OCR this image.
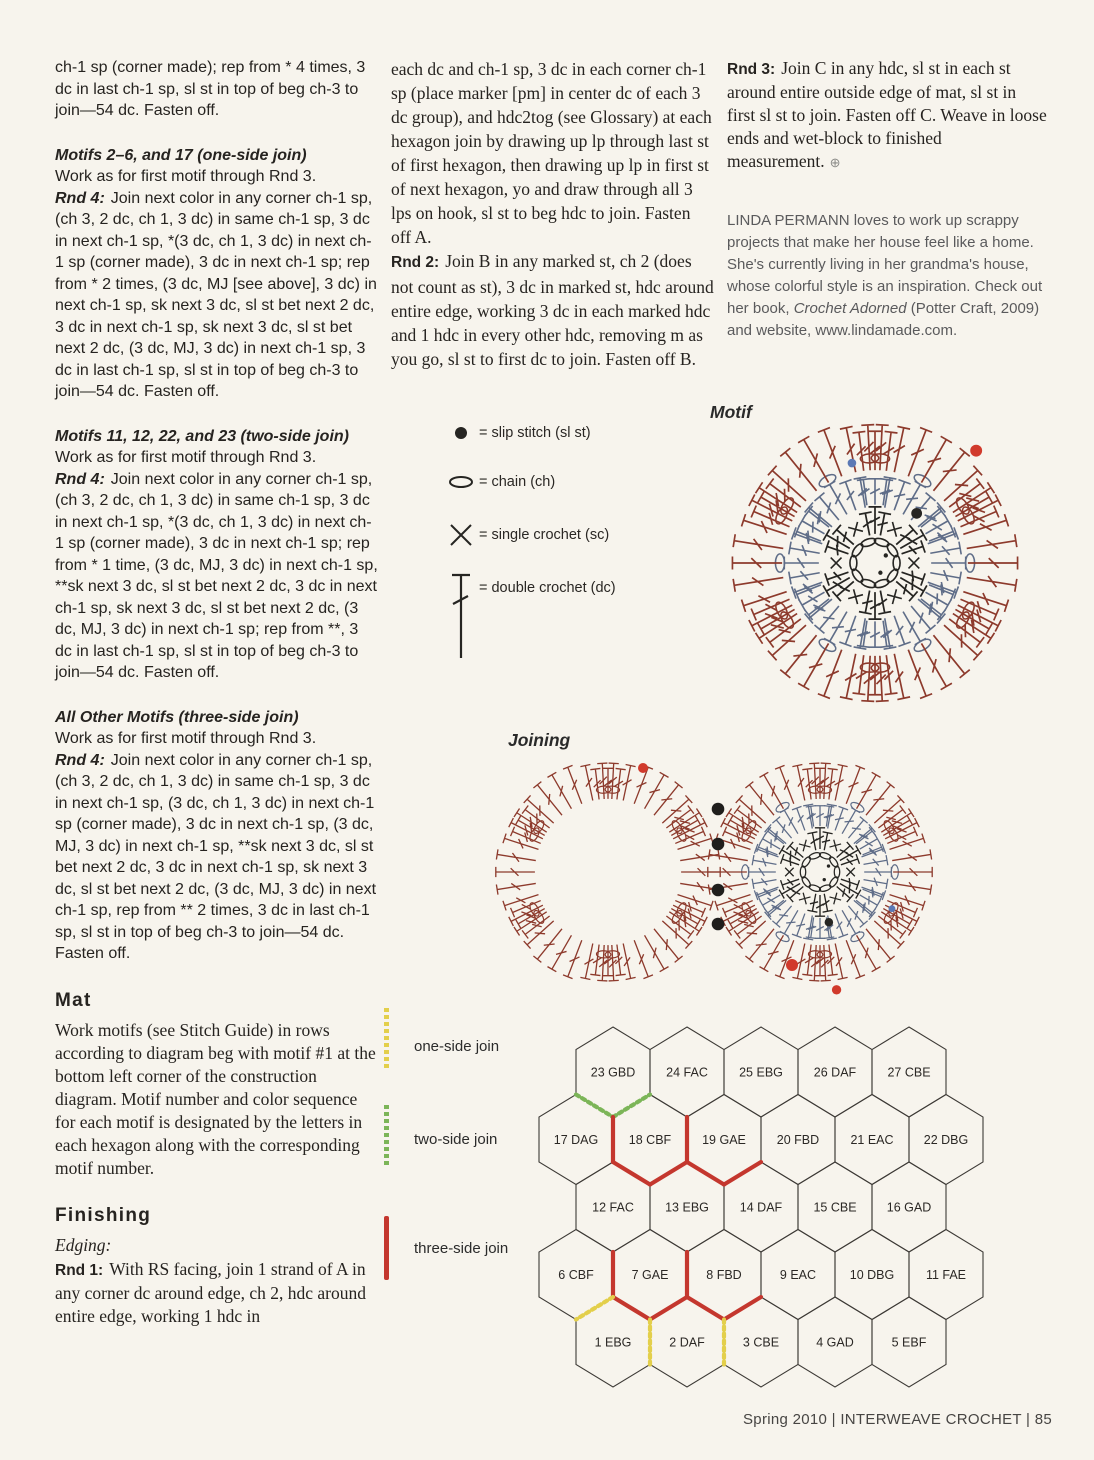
ch-1 sp (corner made); rep from * 4 times, 3 dc in last ch-1 sp, sl st in top of beg ch-3 to join—54 dc. Fasten off.

Motifs 2–6, and 17 (one-side join)

Work as for first motif through Rnd 3.

Rnd 4: Join next color in any corner ch-1 sp, (ch 3, 2 dc, ch 1, 3 dc) in same ch-1 sp, 3 dc in next ch-1 sp, *(3 dc, ch 1, 3 dc) in next ch-1 sp (corner made), 3 dc in next ch-1 sp; rep from * 2 times, (3 dc, MJ [see above], 3 dc) in next ch-1 sp, sk next 3 dc, sl st bet next 2 dc, 3 dc in next ch-1 sp, sk next 3 dc, sl st bet next 2 dc, (3 dc, MJ, 3 dc) in next ch-1 sp, 3 dc in last ch-1 sp, sl st in top of beg ch-3 to join—54 dc. Fasten off.

Motifs 11, 12, 22, and 23 (two-side join)

Work as for first motif through Rnd 3.

Rnd 4: Join next color in any corner ch-1 sp, (ch 3, 2 dc, ch 1, 3 dc) in same ch-1 sp, 3 dc in next ch-1 sp, *(3 dc, ch 1, 3 dc) in next ch-1 sp (corner made), 3 dc in next ch-1 sp; rep from * 1 time, (3 dc, MJ, 3 dc) in next ch-1 sp, **sk next 3 dc, sl st bet next 2 dc, 3 dc in next ch-1 sp, sk next 3 dc, sl st bet next 2 dc, (3 dc, MJ, 3 dc) in next ch-1 sp; rep from **, 3 dc in last ch-1 sp, sl st in top of beg ch-3 to join—54 dc. Fasten off.

All Other Motifs (three-side join)

Work as for first motif through Rnd 3.

Rnd 4: Join next color in any corner ch-1 sp, (ch 3, 2 dc, ch 1, 3 dc) in same ch-1 sp, 3 dc in next ch-1 sp, (3 dc, ch 1, 3 dc) in next ch-1 sp (corner made), 3 dc in next ch-1 sp, (3 dc, MJ, 3 dc) in next ch-1 sp, **sk next 3 dc, sl st bet next 2 dc, 3 dc in next ch-1 sp, sk next 3 dc, sl st bet next 2 dc, (3 dc, MJ, 3 dc) in next ch-1 sp, rep from ** 2 times, 3 dc in last ch-1 sp, sl st in top of beg ch-3 to join—54 dc. Fasten off.

Mat

Work motifs (see Stitch Guide) in rows according to diagram beg with motif #1 at the bottom left corner of the construction diagram. Motif number and color sequence for each motif is designated by the letters in each hexagon along with the corresponding motif number.

Finishing

Edging:

Rnd 1: With RS facing, join 1 strand of A in any corner dc around edge, ch 2, hdc around entire edge, working 1 hdc in

each dc and ch-1 sp, 3 dc in each corner ch-1 sp (place marker [pm] in center dc of each 3 dc group), and hdc2tog (see Glossary) at each hexagon join by drawing up lp through last st of first hexagon, then drawing up lp in first st of next hexagon, yo and draw through all 3 lps on hook, sl st to beg hdc to join. Fasten off A.

Rnd 2: Join B in any marked st, ch 2 (does not count as st), 3 dc in marked st, hdc around entire edge, working 3 dc in each marked hdc and 1 hdc in every other hdc, removing m as you go, sl st to first dc to join. Fasten off B.

Rnd 3: Join C in any hdc, sl st in each st around entire outside edge of mat, sl st in first sl st to join. Fasten off C. Weave in loose ends and wet-block to finished measurement. ⊕

LINDA PERMANN loves to work up scrappy projects that make her house feel like a home. She's currently living in her grandma's house, whose colorful style is an inspiration. Check out her book, Crochet Adorned (Potter Craft, 2009) and website, www.lindamade.com.

= slip stitch (sl st)
= chain (ch)
= single crochet (sc)
= double crochet (dc)
Motif
Joining
one-side join
two-side join
three-side join
23 GBD 24 FAC	25 EBG 26 DAF	27 CBE
17 DAG 18 CBF 19 GAE 20 FBD	21 EAC 22 DBG
12 FAC	13 EBG 14 DAF	15 CBE 16 GAD
6 CBF	7 GAE	8 FBD	9 EAC	10 DBG	11 FAE
1 EBG	2 DAF	3 CBE	4 GAD	5 EBF
Spring 2010 | INTERWEAVE CROCHET | 85
